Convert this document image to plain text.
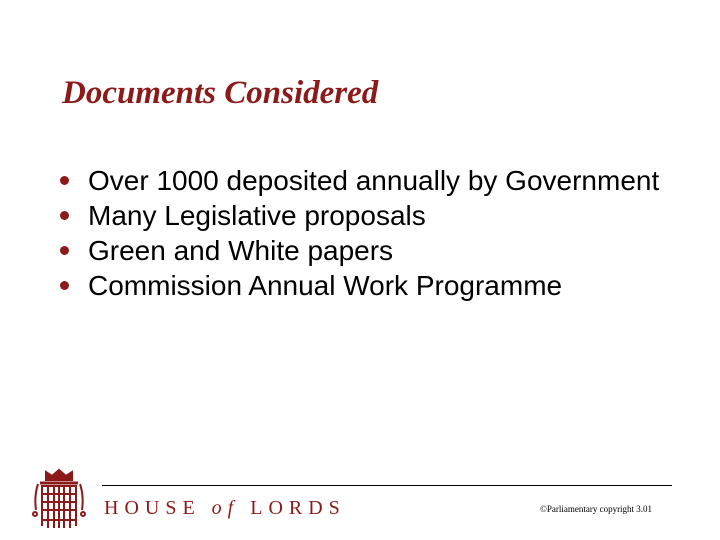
Documents Considered
Over 1000 deposited annually by Government
Many Legislative proposals
Green and White papers
Commission Annual Work Programme
HOUSE of LORDS	©Parliamentary copyright 3.01
